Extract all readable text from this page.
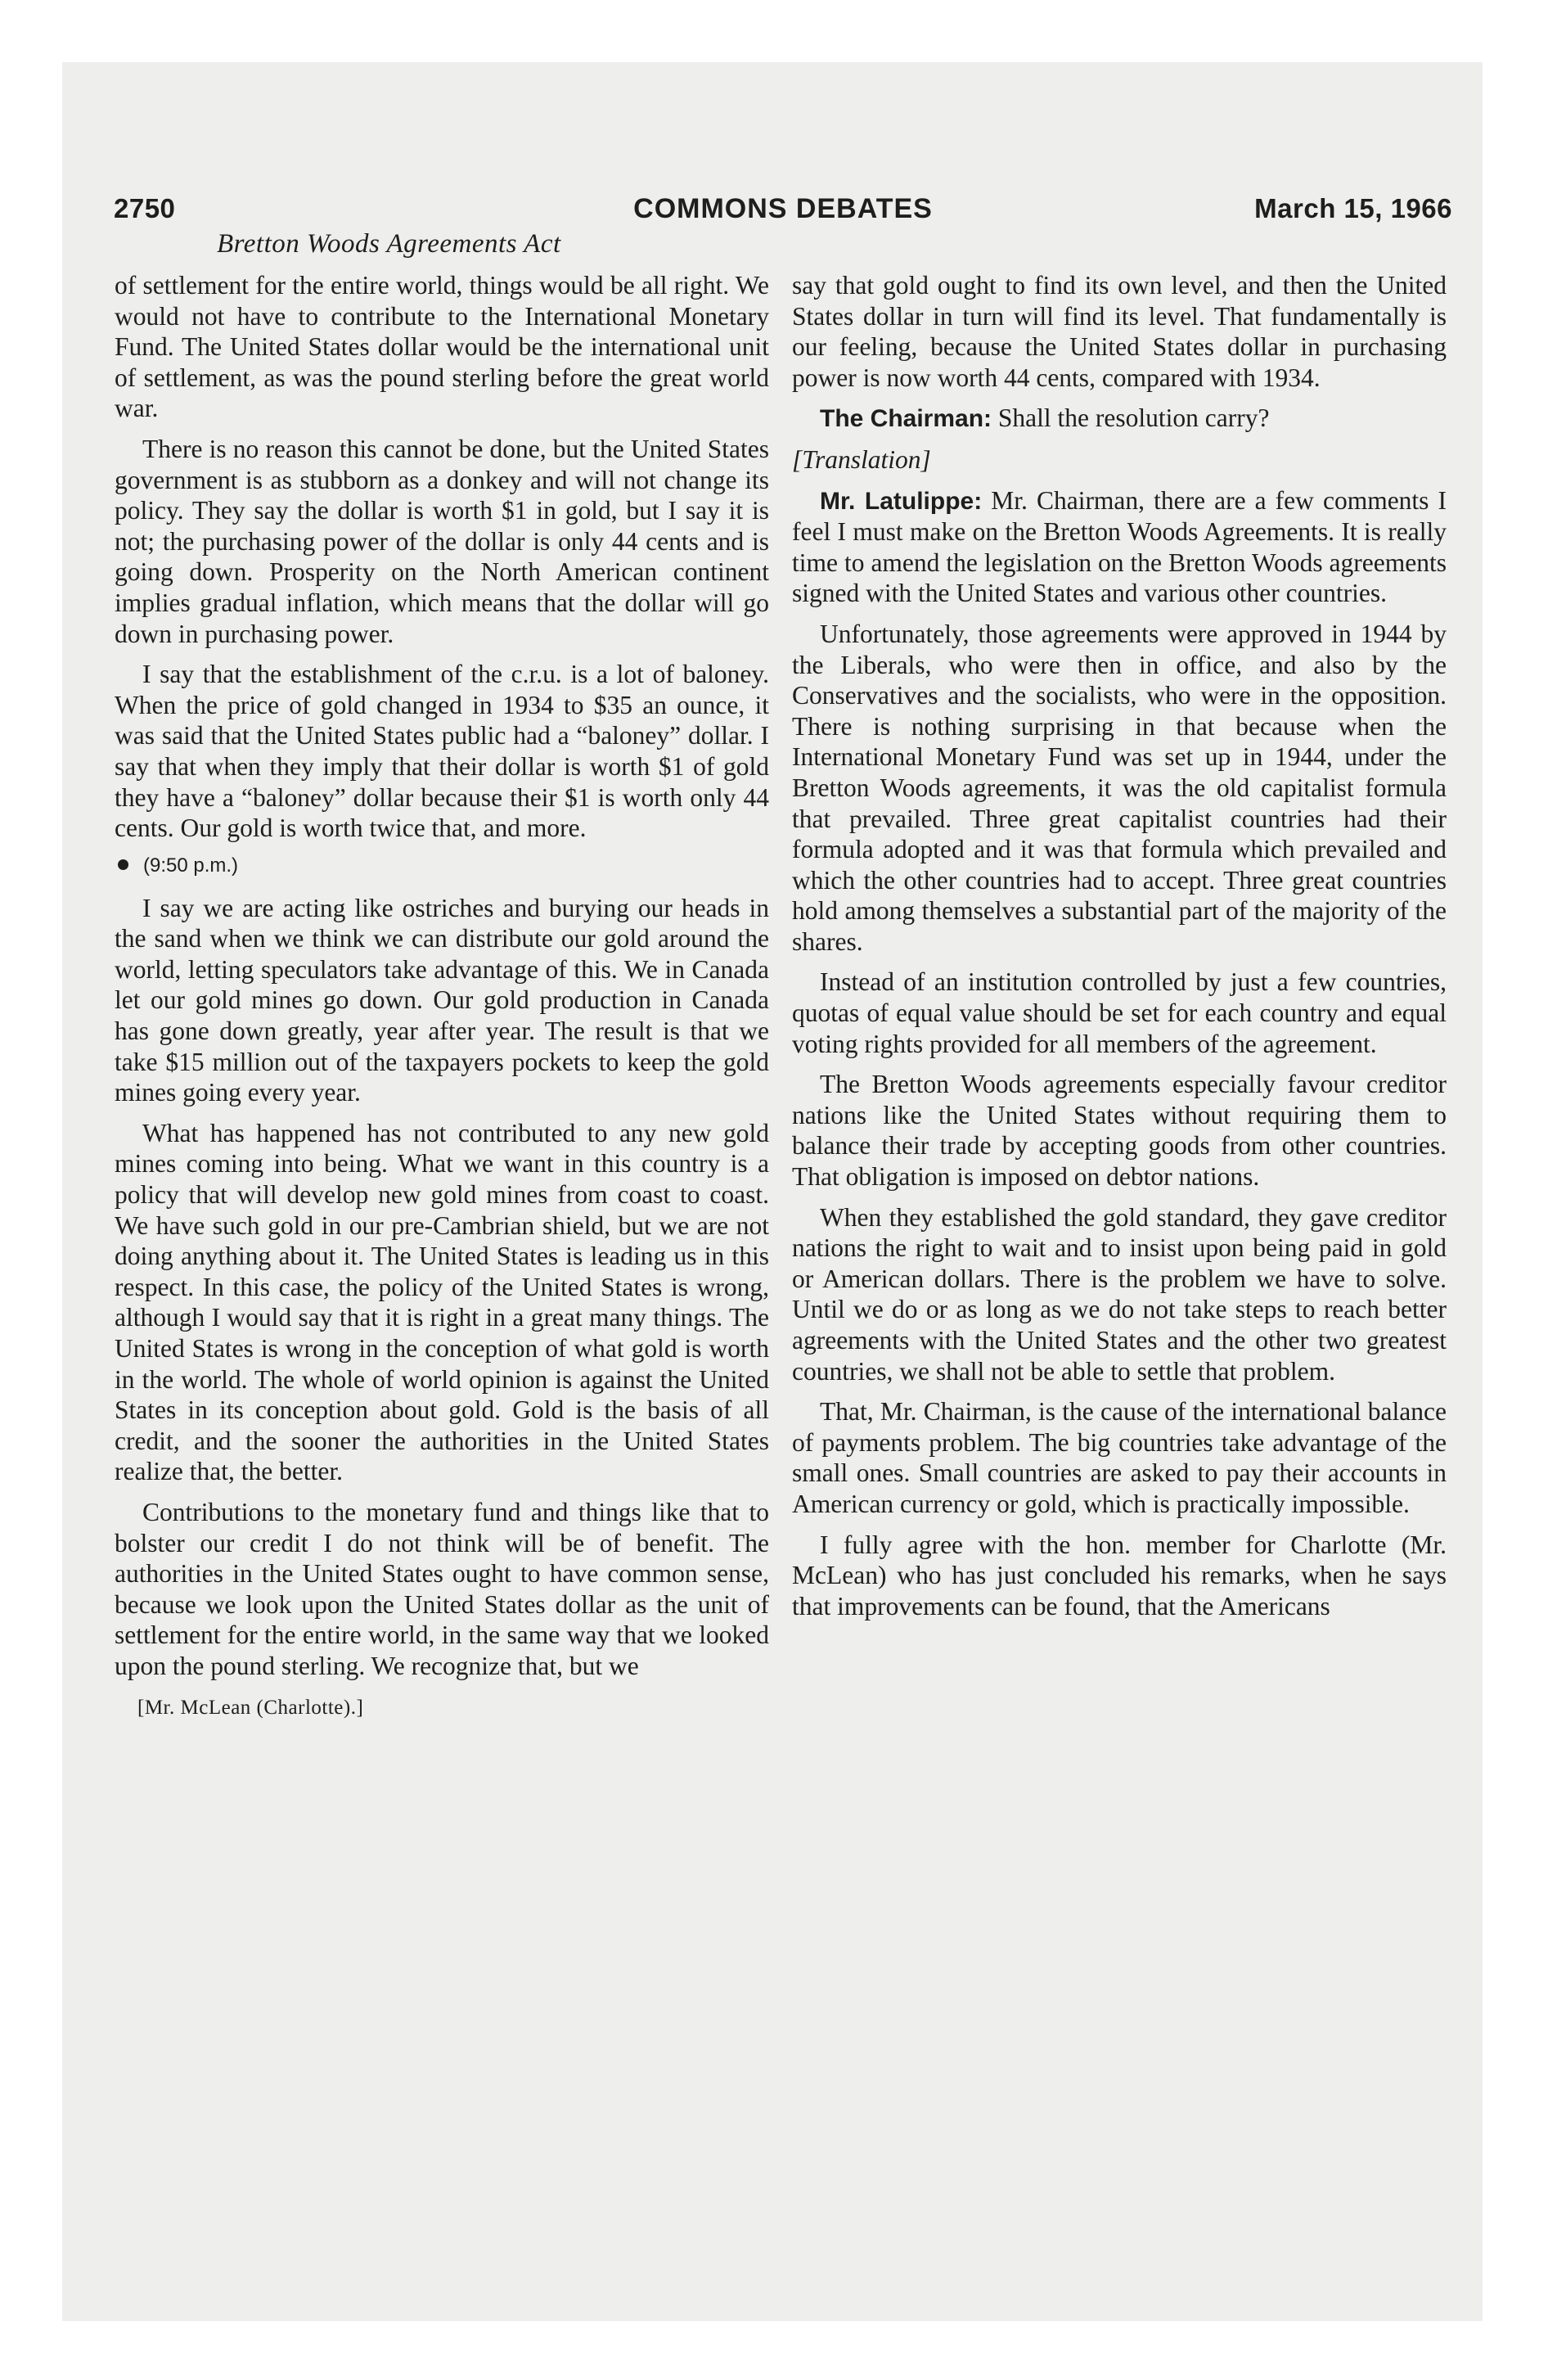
2750	COMMONS DEBATES	March 15, 1966
Bretton Woods Agreements Act

of settlement for the entire world, things would be all right. We would not have to contribute to the International Monetary Fund. The United States dollar would be the international unit of settlement, as was the pound sterling before the great world war.

There is no reason this cannot be done, but the United States government is as stubborn as a donkey and will not change its policy. They say the dollar is worth $1 in gold, but I say it is not; the purchasing power of the dollar is only 44 cents and is going down. Prosperity on the North American continent implies gradual inflation, which means that the dollar will go down in purchasing power.

I say that the establishment of the c.r.u. is a lot of baloney. When the price of gold changed in 1934 to $35 an ounce, it was said that the United States public had a “baloney” dollar. I say that when they imply that their dollar is worth $1 of gold they have a “baloney” dollar because their $1 is worth only 44 cents. Our gold is worth twice that, and more.

(9:50 p.m.)

I say we are acting like ostriches and burying our heads in the sand when we think we can distribute our gold around the world, letting speculators take advantage of this. We in Canada let our gold mines go down. Our gold production in Canada has gone down greatly, year after year. The result is that we take $15 million out of the taxpayers pockets to keep the gold mines going every year.

What has happened has not contributed to any new gold mines coming into being. What we want in this country is a policy that will develop new gold mines from coast to coast. We have such gold in our pre-Cambrian shield, but we are not doing anything about it. The United States is leading us in this respect. In this case, the policy of the United States is wrong, although I would say that it is right in a great many things. The United States is wrong in the conception of what gold is worth in the world. The whole of world opinion is against the United States in its conception about gold. Gold is the basis of all credit, and the sooner the authorities in the United States realize that, the better.

Contributions to the monetary fund and things like that to bolster our credit I do not think will be of benefit. The authorities in the United States ought to have common sense, because we look upon the United States dollar as the unit of settlement for the entire world, in the same way that we looked upon the pound sterling. We recognize that, but we

say that gold ought to find its own level, and then the United States dollar in turn will find its level. That fundamentally is our feeling, because the United States dollar in purchasing power is now worth 44 cents, compared with 1934.

The Chairman: Shall the resolution carry?

[Translation]

Mr. Latulippe: Mr. Chairman, there are a few comments I feel I must make on the Bretton Woods Agreements. It is really time to amend the legislation on the Bretton Woods agreements signed with the United States and various other countries.

Unfortunately, those agreements were approved in 1944 by the Liberals, who were then in office, and also by the Conservatives and the socialists, who were in the opposition. There is nothing surprising in that because when the International Monetary Fund was set up in 1944, under the Bretton Woods agreements, it was the old capitalist formula that prevailed. Three great capitalist countries had their formula adopted and it was that formula which prevailed and which the other countries had to accept. Three great countries hold among themselves a substantial part of the majority of the shares.

Instead of an institution controlled by just a few countries, quotas of equal value should be set for each country and equal voting rights provided for all members of the agreement.

The Bretton Woods agreements especially favour creditor nations like the United States without requiring them to balance their trade by accepting goods from other countries. That obligation is imposed on debtor nations.

When they established the gold standard, they gave creditor nations the right to wait and to insist upon being paid in gold or American dollars. There is the problem we have to solve. Until we do or as long as we do not take steps to reach better agreements with the United States and the other two greatest countries, we shall not be able to settle that problem.

That, Mr. Chairman, is the cause of the international balance of payments problem. The big countries take advantage of the small ones. Small countries are asked to pay their accounts in American currency or gold, which is practically impossible.

I fully agree with the hon. member for Charlotte (Mr. McLean) who has just concluded his remarks, when he says that improvements can be found, that the Americans

[Mr. McLean (Charlotte).]
